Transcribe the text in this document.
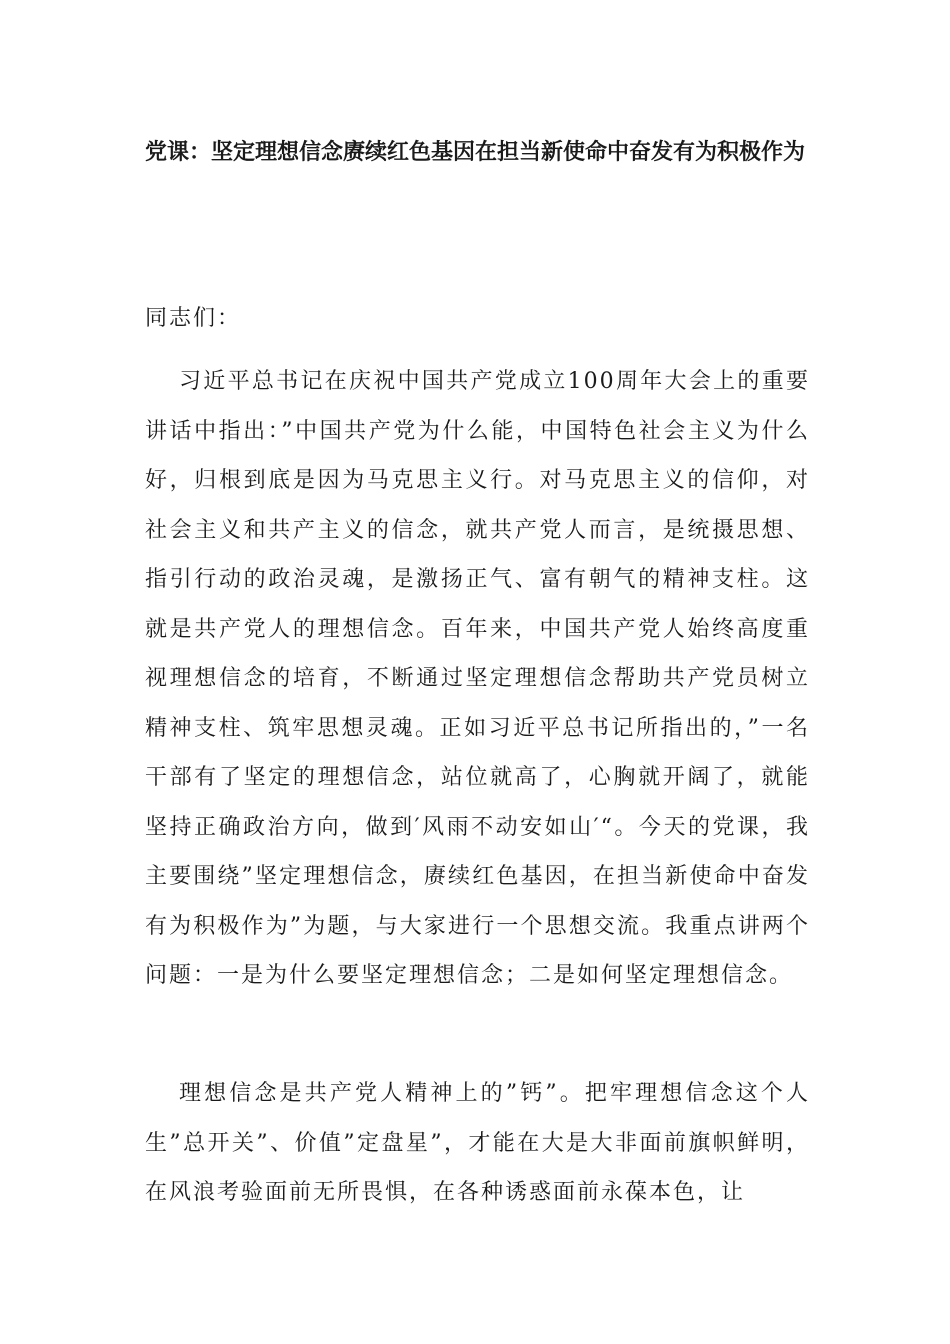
党课：坚定理想信念赓续红色基因在担当新使命中奋发有为积极作为
同志们：
习近平总书记在庆祝中国共产党成立100周年大会上的重要讲话中指出：”中国共产党为什么能，中国特色社会主义为什么好，归根到底是因为马克思主义行。对马克思主义的信仰，对社会主义和共产主义的信念，就共产党人而言，是统摄思想、指引行动的政治灵魂，是激扬正气、富有朝气的精神支柱。这就是共产党人的理想信念。百年来，中国共产党人始终高度重视理想信念的培育，不断通过坚定理想信念帮助共产党员树立精神支柱、筑牢思想灵魂。正如习近平总书记所指出的，”一名干部有了坚定的理想信念，站位就高了，心胸就开阔了，就能坚持正确政治方向，做到′风雨不动安如山′“。今天的党课，我主要围绕”坚定理想信念，赓续红色基因，在担当新使命中奋发有为积极作为”为题，与大家进行一个思想交流。我重点讲两个问题：一是为什么要坚定理想信念；二是如何坚定理想信念。
理想信念是共产党人精神上的”钙”。把牢理想信念这个人生”总开关”、价值”定盘星”，才能在大是大非面前旗帜鲜明，在风浪考验面前无所畏惧，在各种诱惑面前永葆本色，让
